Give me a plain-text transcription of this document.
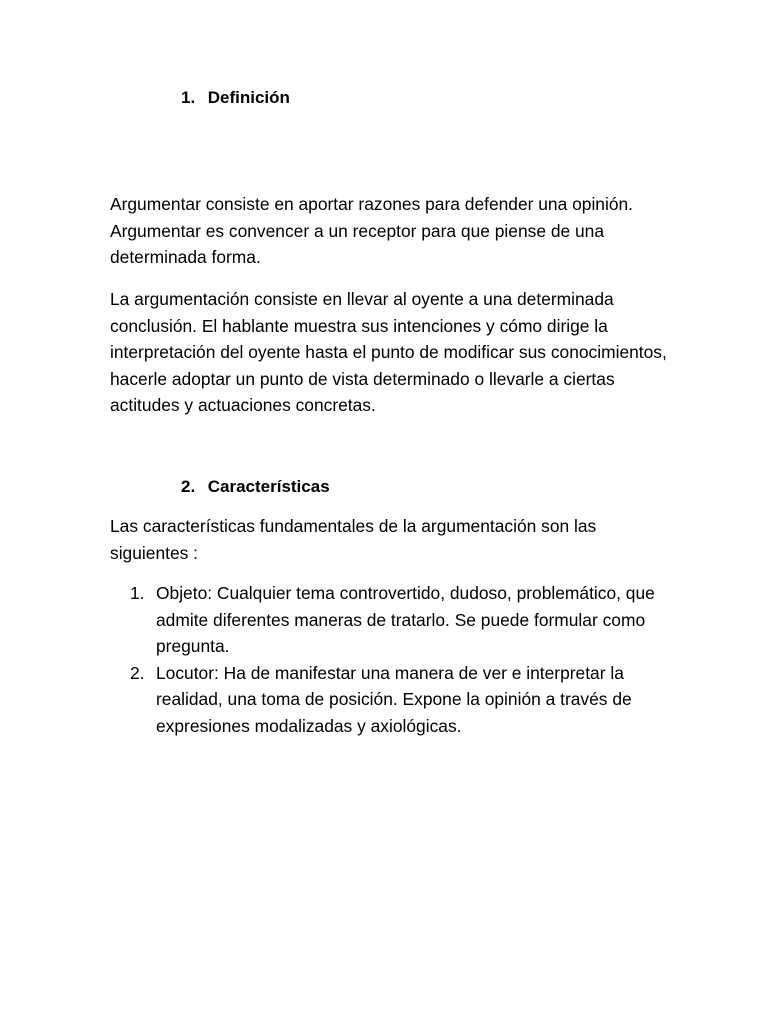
1. Definición

Argumentar consiste en aportar razones para defender una opinión. Argumentar es convencer a un receptor para que piense de una determinada forma.

La argumentación consiste en llevar al oyente a una determinada conclusión. El hablante muestra sus intenciones y cómo dirige la interpretación del oyente hasta el punto de modificar sus conocimientos, hacerle adoptar un punto de vista determinado o llevarle a ciertas actitudes y actuaciones concretas.

2. Características

Las características fundamentales de la argumentación son las siguientes :

1. Objeto: Cualquier tema controvertido, dudoso, problemático, que admite diferentes maneras de tratarlo. Se puede formular como pregunta.
2. Locutor: Ha de manifestar una manera de ver e interpretar la realidad, una toma de posición. Expone la opinión a través de expresiones modalizadas y axiológicas.
